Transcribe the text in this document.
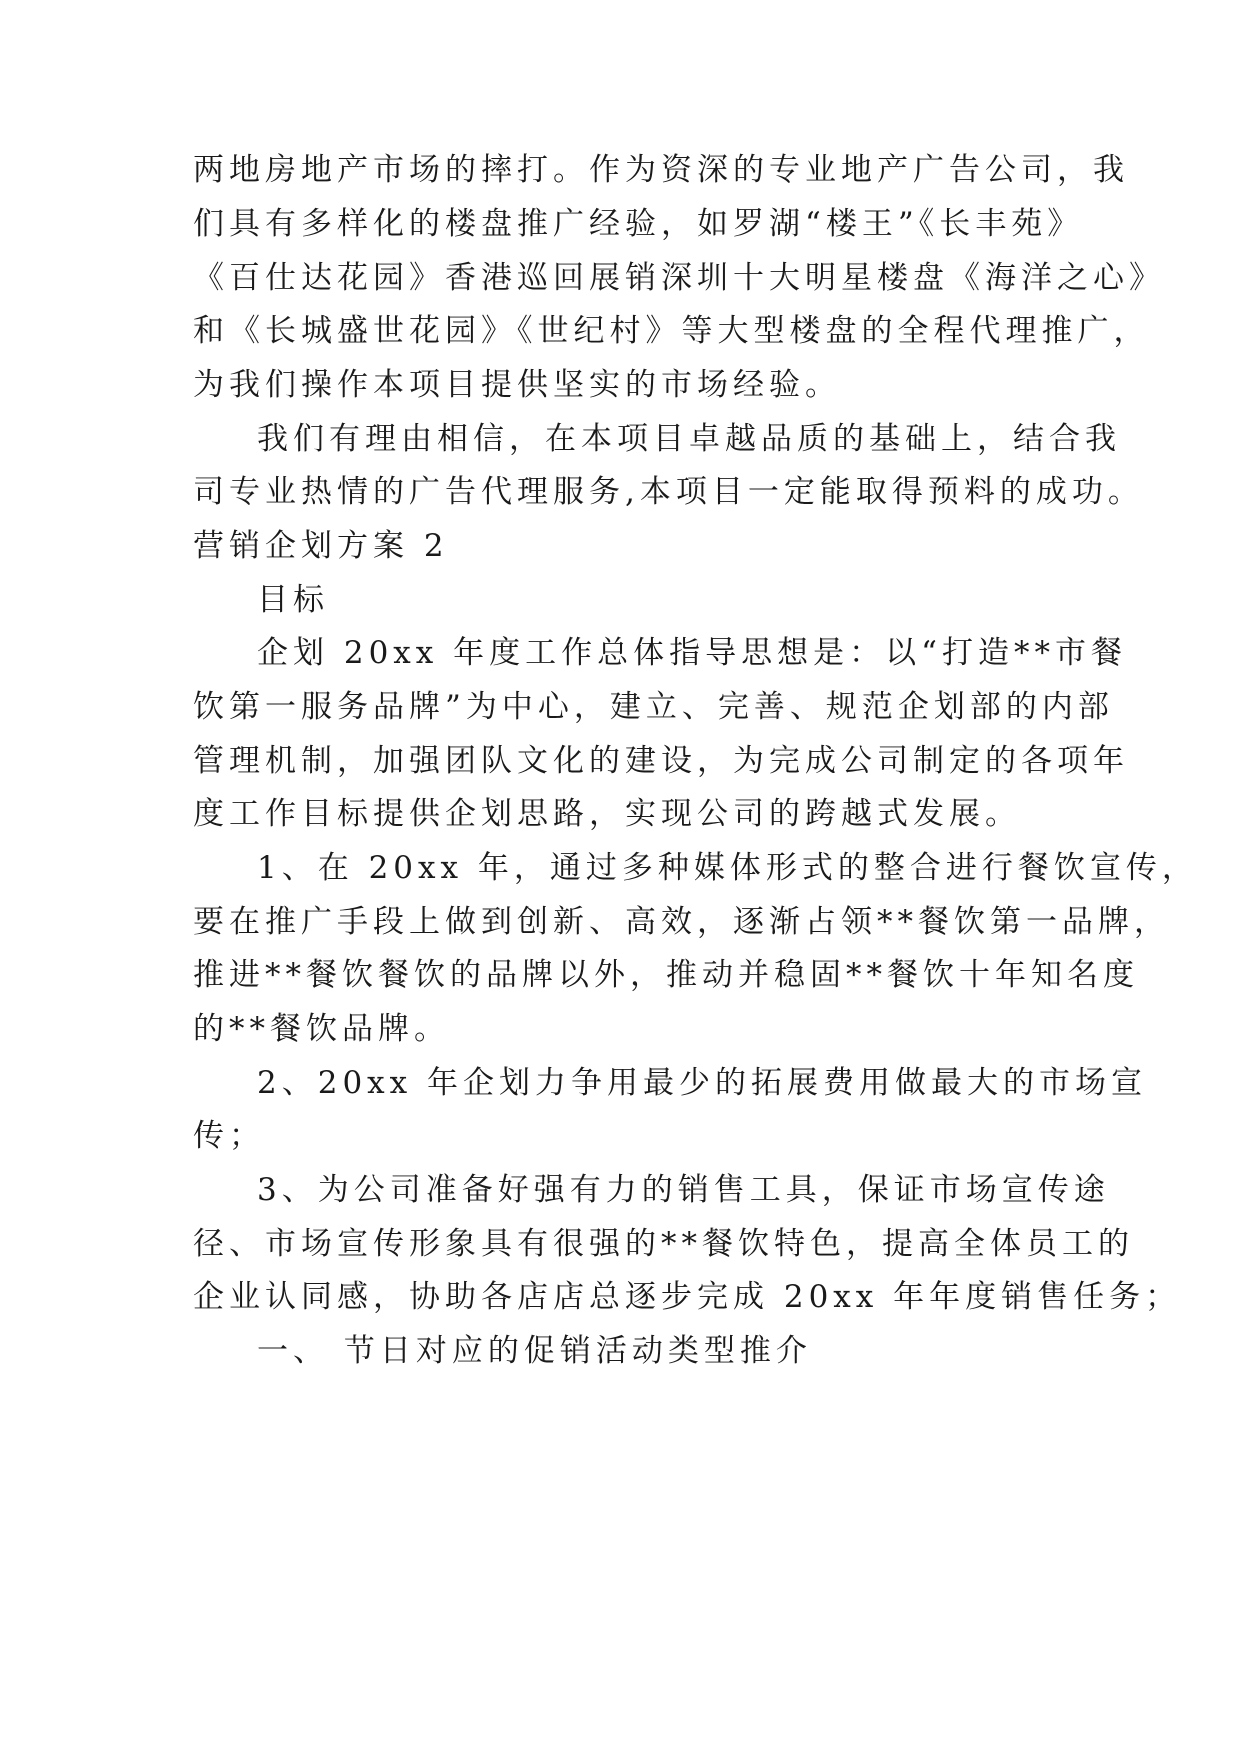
两地房地产市场的摔打。作为资深的专业地产广告公司，我
们具有多样化的楼盘推广经验，如罗湖“楼王”《长丰苑》
《百仕达花园》香港巡回展销深圳十大明星楼盘《海洋之心》
和《长城盛世花园》《世纪村》等大型楼盘的全程代理推广，
为我们操作本项目提供坚实的市场经验。
我们有理由相信，在本项目卓越品质的基础上，结合我
司专业热情的广告代理服务,本项目一定能取得预料的成功。
营销企划方案 2
目标
企划 20xx 年度工作总体指导思想是：以“打造**市餐
饮第一服务品牌”为中心，建立、完善、规范企划部的内部
管理机制，加强团队文化的建设，为完成公司制定的各项年
度工作目标提供企划思路，实现公司的跨越式发展。
1、在 20xx 年，通过多种媒体形式的整合进行餐饮宣传，
要在推广手段上做到创新、高效，逐渐占领**餐饮第一品牌，
推进**餐饮餐饮的品牌以外，推动并稳固**餐饮十年知名度
的**餐饮品牌。
2、20xx 年企划力争用最少的拓展费用做最大的市场宣
传；
3、为公司准备好强有力的销售工具，保证市场宣传途
径、市场宣传形象具有很强的**餐饮特色，提高全体员工的
企业认同感，协助各店店总逐步完成 20xx 年年度销售任务；
一、 节日对应的促销活动类型推介
